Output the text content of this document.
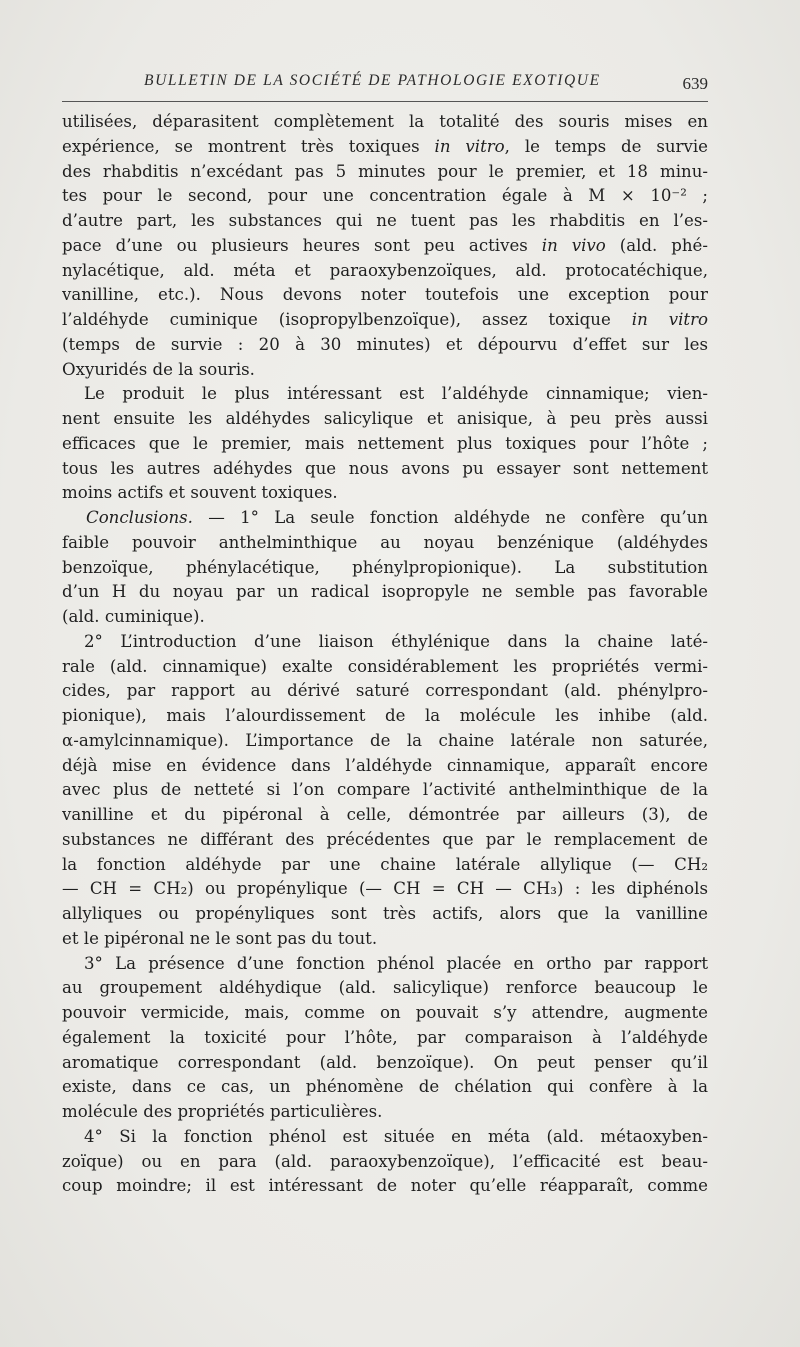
BULLETIN DE LA SOCIÉTÉ DE PATHOLOGIE EXOTIQUE	639
utilisées, déparasitent complètement la totalité des souris mises en
expérience, se montrent très toxiques in vitro, le temps de survie
des rhabditis n’excédant pas 5 minutes pour le premier, et 18 minu-
tes pour le second, pour une concentration égale à M × 10⁻² ;
d’autre part, les substances qui ne tuent pas les rhabditis en l’es-
pace d’une ou plusieurs heures sont peu actives in vivo (ald. phé-
nylacétique, ald. méta et paraoxybenzoïques, ald. protocatéchique,
vanilline, etc.). Nous devons noter toutefois une exception pour
l’aldéhyde cuminique (isopropylbenzoïque), assez toxique in vitro
(temps de survie : 20 à 30 minutes) et dépourvu d’effet sur les
Oxyuridés de la souris.
Le produit le plus intéressant est l’aldéhyde cinnamique; vien-
nent ensuite les aldéhydes salicylique et anisique, à peu près aussi
efficaces que le premier, mais nettement plus toxiques pour l’hôte ;
tous les autres adéhydes que nous avons pu essayer sont nettement
moins actifs et souvent toxiques.
Conclusions. — 1° La seule fonction aldéhyde ne confère qu’un
faible pouvoir anthelminthique au noyau benzénique (aldéhydes
benzoïque, phénylacétique, phénylpropionique). La substitution
d’un H du noyau par un radical isopropyle ne semble pas favorable
(ald. cuminique).
2° L’introduction d’une liaison éthylénique dans la chaine laté-
rale (ald. cinnamique) exalte considérablement les propriétés vermi-
cides, par rapport au dérivé saturé correspondant (ald. phénylpro-
pionique), mais l’alourdissement de la molécule les inhibe (ald.
α-amylcinnamique). L’importance de la chaine latérale non saturée,
déjà mise en évidence dans l’aldéhyde cinnamique, apparaît encore
avec plus de netteté si l’on compare l’activité anthelminthique de la
vanilline et du pipéronal à celle, démontrée par ailleurs (3), de
substances ne différant des précédentes que par le remplacement de
la fonction aldéhyde par une chaine latérale allylique (— CH₂
— CH = CH₂) ou propénylique (— CH = CH — CH₃) : les diphénols
allyliques ou propényliques sont très actifs, alors que la vanilline
et le pipéronal ne le sont pas du tout.
3° La présence d’une fonction phénol placée en ortho par rapport
au groupement aldéhydique (ald. salicylique) renforce beaucoup le
pouvoir vermicide, mais, comme on pouvait s’y attendre, augmente
également la toxicité pour l’hôte, par comparaison à l’aldéhyde
aromatique correspondant (ald. benzoïque). On peut penser qu’il
existe, dans ce cas, un phénomène de chélation qui confère à la
molécule des propriétés particulières.
4° Si la fonction phénol est située en méta (ald. métaoxyben-
zoïque) ou en para (ald. paraoxybenzoïque), l’efficacité est beau-
coup moindre; il est intéressant de noter qu’elle réapparaît, comme
